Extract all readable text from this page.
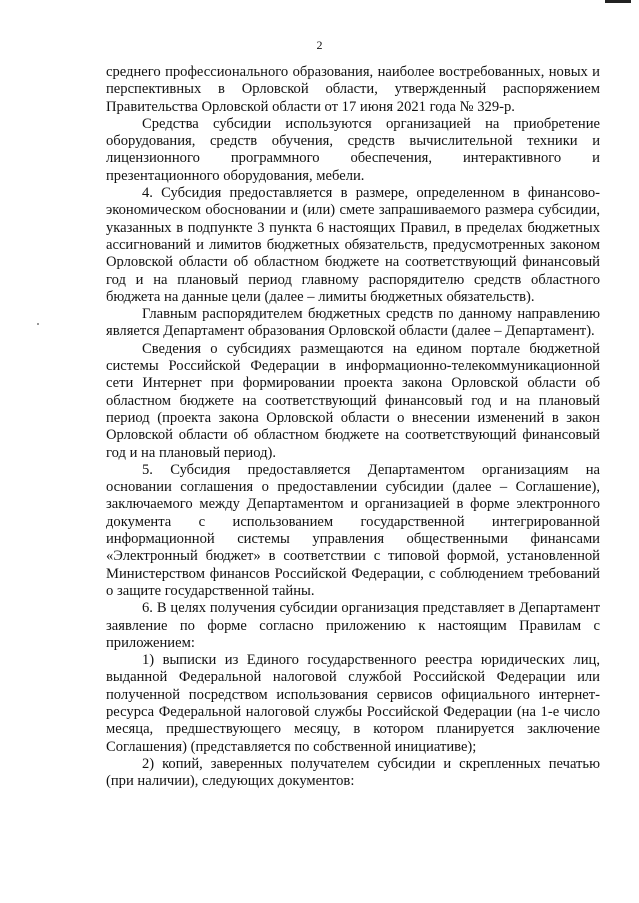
2

среднего профессионального образования, наиболее востребованных, новых и перспективных в Орловской области, утвержденный распоряжением Правительства Орловской области от 17 июня 2021 года № 329-р.

Средства субсидии используются организацией на приобретение оборудования, средств обучения, средств вычислительной техники и лицензионного программного обеспечения, интерактивного и презентационного оборудования, мебели.

4. Субсидия предоставляется в размере, определенном в финансово-экономическом обосновании и (или) смете запрашиваемого размера субсидии, указанных в подпункте 3 пункта 6 настоящих Правил, в пределах бюджетных ассигнований и лимитов бюджетных обязательств, предусмотренных законом Орловской области об областном бюджете на соответствующий финансовый год и на плановый период главному распорядителю средств областного бюджета на данные цели (далее – лимиты бюджетных обязательств).

Главным распорядителем бюджетных средств по данному направлению является Департамент образования Орловской области (далее – Департамент).

Сведения о субсидиях размещаются на едином портале бюджетной системы Российской Федерации в информационно-телекоммуникационной сети Интернет при формировании проекта закона Орловской области об областном бюджете на соответствующий финансовый год и на плановый период (проекта закона Орловской области о внесении изменений в закон Орловской области об областном бюджете на соответствующий финансовый год и на плановый период).

5. Субсидия предоставляется Департаментом организациям на основании соглашения о предоставлении субсидии (далее – Соглашение), заключаемого между Департаментом и организацией в форме электронного документа с использованием государственной интегрированной информационной системы управления общественными финансами «Электронный бюджет» в соответствии с типовой формой, установленной Министерством финансов Российской Федерации, с соблюдением требований о защите государственной тайны.

6. В целях получения субсидии организация представляет в Департамент заявление по форме согласно приложению к настоящим Правилам с приложением:

1) выписки из Единого государственного реестра юридических лиц, выданной Федеральной налоговой службой Российской Федерации или полученной посредством использования сервисов официального интернет-ресурса Федеральной налоговой службы Российской Федерации (на 1-е число месяца, предшествующего месяцу, в котором планируется заключение Соглашения) (представляется по собственной инициативе);

2) копий, заверенных получателем субсидии и скрепленных печатью (при наличии), следующих документов:
